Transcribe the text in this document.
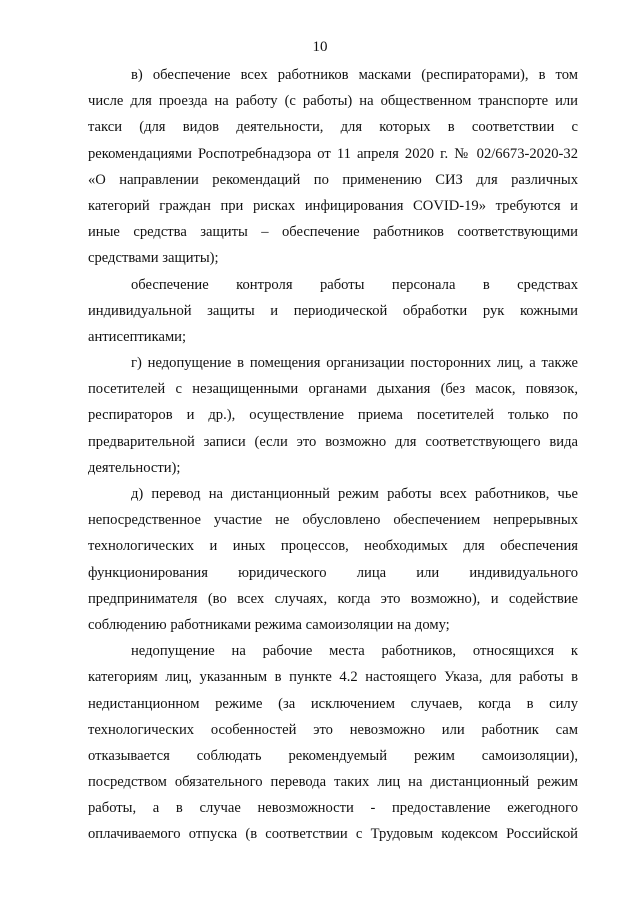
10
в) обеспечение всех работников масками (респираторами), в том
числе для проезда на работу (с работы) на общественном транспорте или
такси (для видов деятельности, для которых в соответствии с
рекомендациями Роспотребнадзора от 11 апреля 2020 г. № 02/6673-2020-32
«О направлении рекомендаций по применению СИЗ для различных
категорий граждан при рисках инфицирования COVID-19» требуются и
иные средства защиты – обеспечение работников соответствующими
средствами защиты);
обеспечение контроля работы персонала в средствах
индивидуальной защиты и периодической обработки рук кожными
антисептиками;
г) недопущение в помещения организации посторонних лиц, а также
посетителей с незащищенными органами дыхания (без масок, повязок,
респираторов и др.), осуществление приема посетителей только по
предварительной записи (если это возможно для соответствующего вида
деятельности);
д) перевод на дистанционный режим работы всех работников, чье
непосредственное участие не обусловлено обеспечением непрерывных
технологических и иных процессов, необходимых для обеспечения
функционирования юридического лица или индивидуального
предпринимателя (во всех случаях, когда это возможно), и содействие
соблюдению работниками режима самоизоляции на дому;
недопущение на рабочие места работников, относящихся к
категориям лиц, указанным в пункте 4.2 настоящего Указа, для работы в
недистанционном режиме (за исключением случаев, когда в силу
технологических особенностей это невозможно или работник сам
отказывается соблюдать рекомендуемый режим самоизоляции),
посредством обязательного перевода таких лиц на дистанционный режим
работы, а в случае невозможности - предоставление ежегодного
оплачиваемого отпуска (в соответствии с Трудовым кодексом Российской
